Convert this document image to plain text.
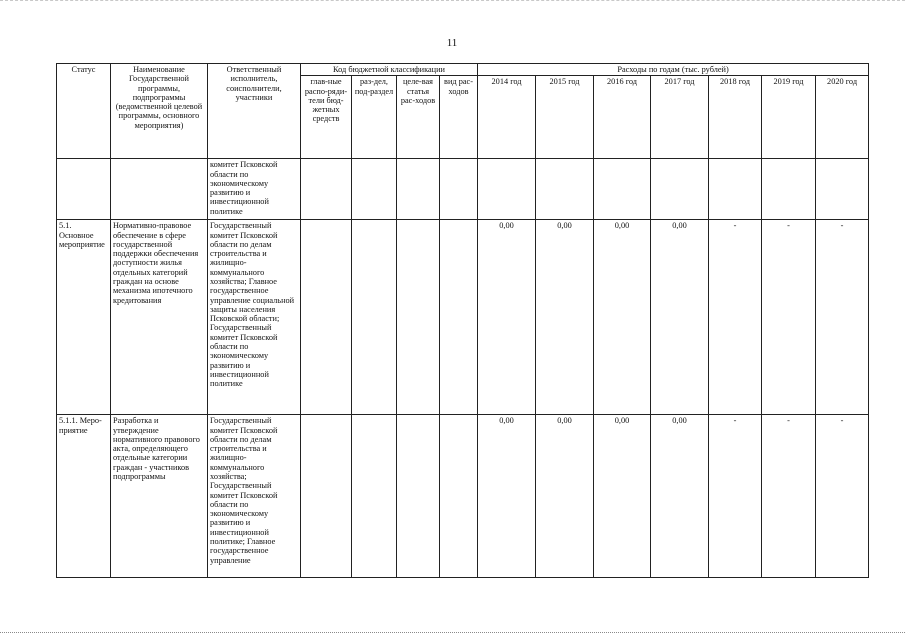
11
Статус	Наименование Государственной программы, подпрограммы (ведомственной целевой программы, основного мероприятия)	Ответственный исполнитель, соисполнители, участники	Код бюджетной классификации				Расходы по годам (тыс. рублей)						
			глав-ные распо-ряди-тели бюд-жетных средств	раз-дел, под-раздел	целе-вая статья рас-ходов	вид рас-ходов	2014 год	2015 год	2016 год	2017 год	2018 год	2019 год	2020 год
		комитет Псковской области по экономическому развитию и инвестиционной политике											
5.1. Основное мероприятие	Нормативно-правовое обеспечение в сфере государственной поддержки обеспечения доступности жилья отдельных категорий граждан на основе механизма ипотечного кредитования	Государственный комитет Псковской области по делам строительства и жилищно-коммунального хозяйства; Главное государственное управление социальной защиты населения Псковской области; Государственный комитет Псковской области по экономическому развитию и инвестиционной политике					0,00	0,00	0,00	0,00	-	-	-
5.1.1. Меро-приятие	Разработка и утверждение нормативного правового акта, определяющего отдельные категории граждан - участников подпрограммы	Государственный комитет Псковской области по делам строительства и жилищно-коммунального хозяйства; Государственный комитет Псковской области по экономическому развитию и инвестиционной политике; Главное государственное управление					0,00	0,00	0,00	0,00	-	-	-
